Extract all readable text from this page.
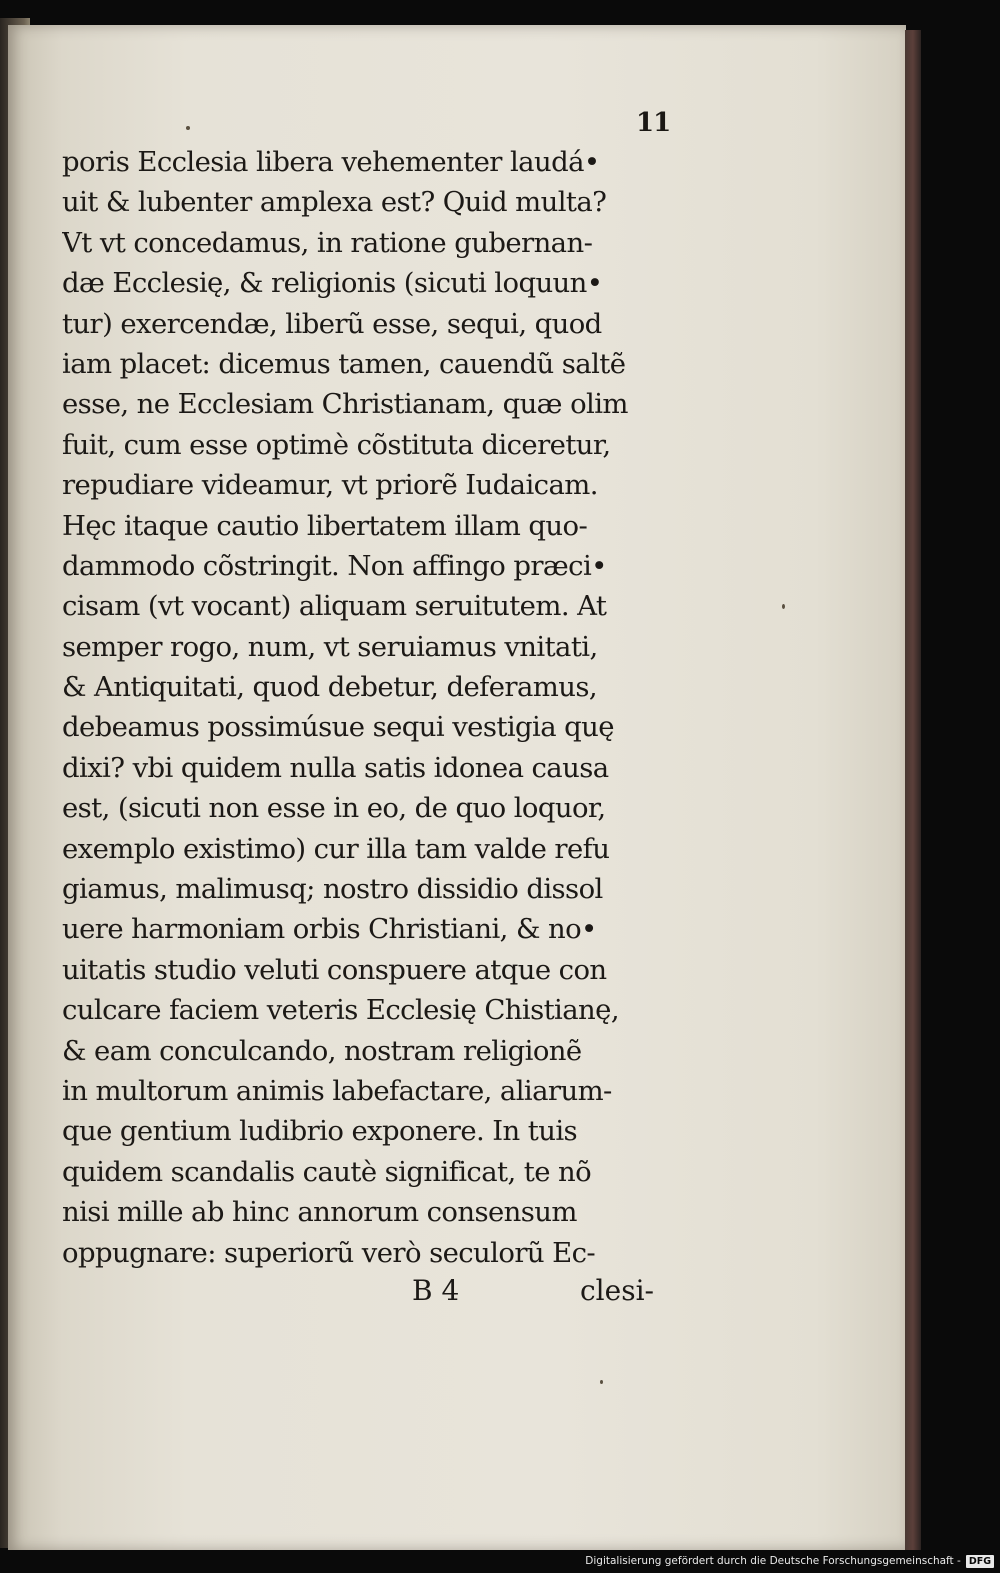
11
poris Ecclesia libera vehementer laudá•
uit & lubenter amplexa est? Quid multa?
Vt vt concedamus, in ratione gubernan-
dæ Ecclesię, & religionis (sicuti loquun•
tur) exercendæ, liberũ esse, sequi, quod
iam placet: dicemus tamen, cauendũ saltẽ
esse, ne Ecclesiam Christianam, quæ olim
fuit, cum esse optimè cõstituta diceretur,
repudiare videamur, vt priorẽ Iudaicam.
Hęc itaque cautio libertatem illam quo-
dammodo cõstringit. Non affingo præci•
cisam (vt vocant) aliquam seruitutem. At
semper rogo, num, vt seruiamus vnitati,
& Antiquitati, quod debetur, deferamus,
debeamus possimúsue sequi vestigia quę
dixi? vbi quidem nulla satis idonea causa
est, (sicuti non esse in eo, de quo loquor,
exemplo existimo) cur illa tam valde refu
giamus, malimusq; nostro dissidio dissol
uere harmoniam orbis Christiani, & no•
uitatis studio veluti conspuere atque con
culcare faciem veteris Ecclesię Chistianę,
& eam conculcando, nostram religionẽ
in multorum animis labefactare, aliarum-
que gentium ludibrio exponere. In tuis
quidem scandalis cautè significat, te nõ
nisi mille ab hinc annorum consensum
oppugnare: superiorũ verò seculorũ Ec-
B 4	clesi-
Digitalisierung gefördert durch die Deutsche Forschungsgemeinschaft - DFG
